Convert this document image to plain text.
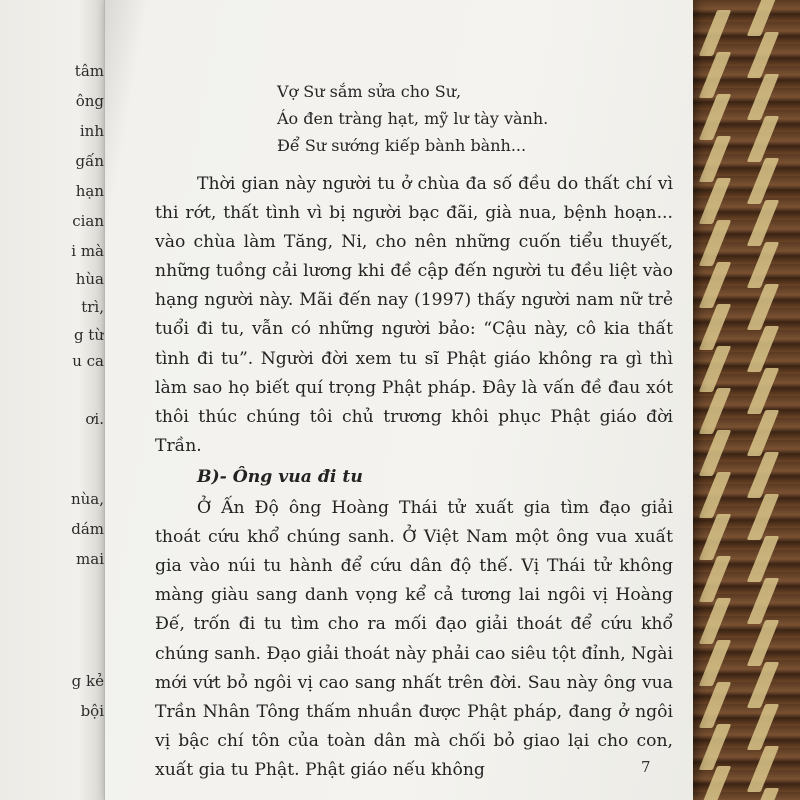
tâm
ông
inh
gấn
hạn
cian
i mà
hùa
trì,
g từ
u ca
ơi.
nùa,
dám
mai
g kẻ
bội
Vợ Sư sắm sửa cho Sư,
Áo đen tràng hạt, mỹ lư tày vành.
Để Sư sướng kiếp bành bành...

Thời gian này người tu ở chùa đa số đều do thất chí vì thi rớt, thất tình vì bị người bạc đãi, già nua, bệnh hoạn... vào chùa làm Tăng, Ni, cho nên những cuốn tiểu thuyết, những tuồng cải lương khi đề cập đến người tu đều liệt vào hạng người này. Mãi đến nay (1997) thấy người nam nữ trẻ tuổi đi tu, vẫn có những người bảo: “Cậu này, cô kia thất tình đi tu”. Người đời xem tu sĩ Phật giáo không ra gì thì làm sao họ biết quí trọng Phật pháp. Đây là vấn đề đau xót thôi thúc chúng tôi chủ trương khôi phục Phật giáo đời Trần.

B)- Ông vua đi tu

Ở Ấn Độ ông Hoàng Thái tử xuất gia tìm đạo giải thoát cứu khổ chúng sanh. Ở Việt Nam một ông vua xuất gia vào núi tu hành để cứu dân độ thế. Vị Thái tử không màng giàu sang danh vọng kể cả tương lai ngôi vị Hoàng Đế, trốn đi tu tìm cho ra mối đạo giải thoát để cứu khổ chúng sanh. Đạo giải thoát này phải cao siêu tột đỉnh, Ngài mới vứt bỏ ngôi vị cao sang nhất trên đời. Sau này ông vua Trần Nhân Tông thấm nhuần được Phật pháp, đang ở ngôi vị bậc chí tôn của toàn dân mà chối bỏ giao lại cho con, xuất gia tu Phật. Phật giáo nếu không	7
